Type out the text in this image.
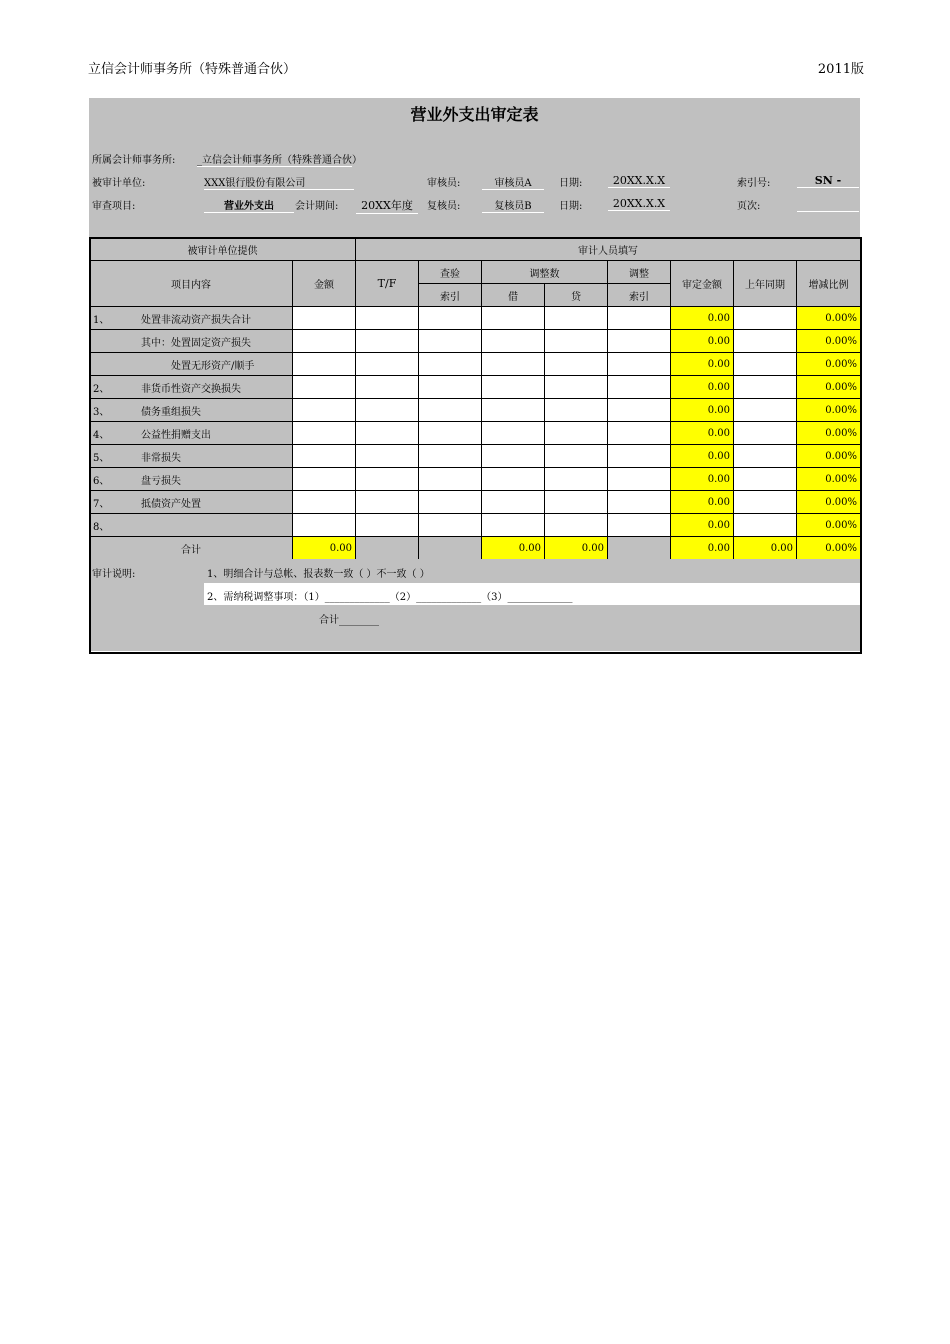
立信会计师事务所（特殊普通合伙）	2011版
营业外支出审定表
所属会计师事务所: _立信会计师事务所（特殊普通合伙）
被审计单位:	XXX银行股份有限公司	审核员:	审核员A	日期:	20XX.X.X	索引号:	SN -
审查项目:	营业外支出	会计期间:	20XX年度	复核员:	复核员B	日期:	20XX.X.X	页次:
被审计单位提供		审计人员填写							
项目内容	金额	T/F	查验	调整数		调整	审定金额	上年同期	增减比例
			索引	借	贷	索引			
1、 处置非流动资产损失合计							0.00		0.00%
其中：处置固定资产损失							0.00		0.00%
处置无形资产/顺手							0.00		0.00%
2、 非货币性资产交换损失							0.00		0.00%
3、 债务重组损失							0.00		0.00%
4、 公益性捐赠支出							0.00		0.00%
5、 非常损失							0.00		0.00%
6、 盘亏损失							0.00		0.00%
7、 抵债资产处置							0.00		0.00%
8、							0.00		0.00%
合计	0.00			0.00	0.00		0.00	0.00	0.00%
审计说明:	1、明细合计与总帐、报表数一致（ ）不一致（ ）
2、需纳税调整事项：（1）_____________（2）_____________（3）_____________
合计________
